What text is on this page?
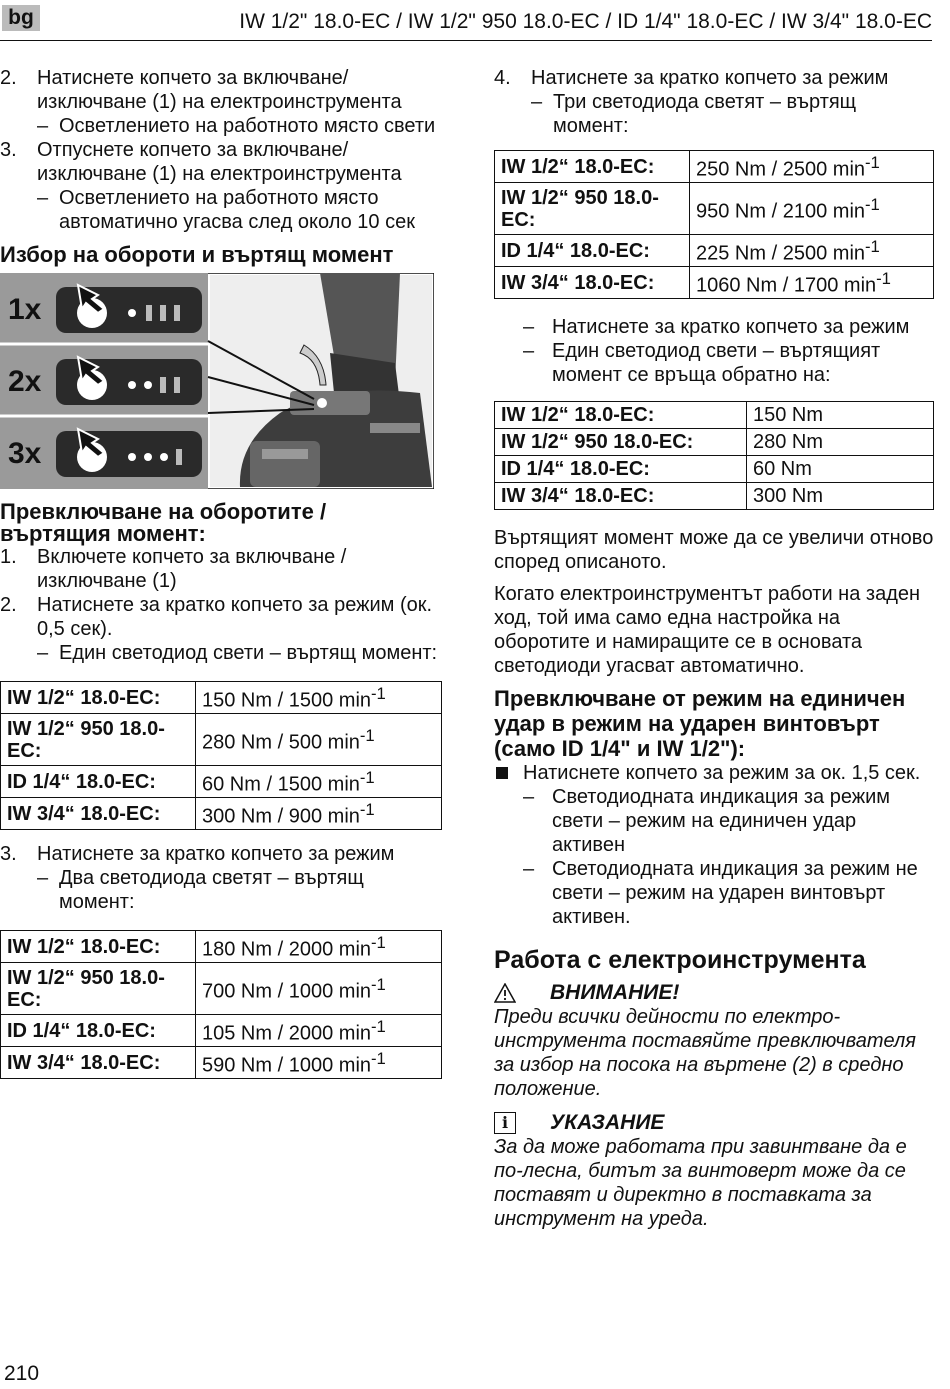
bg	IW 1/2" 18.0-EC / IW 1/2" 950 18.0-EC / ID 1/4" 18.0-EC / IW 3/4" 18.0-EC
2.	Натиснете копчето за включване/ изключване (1) на електроинструмента
– Осветлението на работното място свети
3.	Отпуснете копчето за включване/ изключване (1) на електроинструмента
– Осветлението на работното място автоматично угасва след около 10 сек
Избор на обороти и въртящ момент
1x
2x
3x
Превключване на оборотите / въртящия момент:
1.	Включете копчето за включване / изключване (1)
2.	Натиснете за кратко копчето за режим (ок. 0,5 сек).
– Един светодиод свети – въртящ момент:
IW 1/2“ 18.0-EC:	150 Nm / 1500 $\min^{-1}$
IW 1/2“ 950 18.0-EC:	280 Nm / 500 $\min^{-1}$
ID 1/4“ 18.0-EC:	60 Nm / 1500 $\min^{-1}$
IW 3/4“ 18.0-EC:	300 Nm / 900 $\min^{-1}$
3.	Натиснете за кратко копчето за режим
– Два светодиода светят – въртящ момент:
IW 1/2“ 18.0-EC:	180 Nm / 2000 $\min^{-1}$
IW 1/2“ 950 18.0-EC:	700 Nm / 1000 $\min^{-1}$
ID 1/4“ 18.0-EC:	105 Nm / 2000 $\min^{-1}$
IW 3/4“ 18.0-EC:	590 Nm / 1000 $\min^{-1}$
4.	Натиснете за кратко копчето за режим
– Три светодиода светят – въртящ момент:
IW 1/2“ 18.0-EC:	250 Nm / 2500 $\min^{-1}$
IW 1/2“ 950 18.0-EC:	950 Nm / 2100 $\min^{-1}$
ID 1/4“ 18.0-EC:	225 Nm / 2500 $\min^{-1}$
IW 3/4“ 18.0-EC:	1060 Nm / 1700 $\min^{-1}$
– Натиснете за кратко копчето за режим
– Един светодиод свети – въртящият момент се връща обратно на:
IW 1/2“ 18.0-EC:	150 Nm
IW 1/2“ 950 18.0-EC:	280 Nm
ID 1/4“ 18.0-EC:	60 Nm
IW 3/4“ 18.0-EC:	300 Nm

Въртящият момент може да се увеличи отново според описаното.

Когато електроинструментът работи на заден ход, той има само една настройка на оборотите и намиращите се в основата светодиоди угасват автоматично.

Превключване от режим на единичен удар в режим на ударен винтовърт (само ID 1/4" и IW 1/2"):
Натиснете копчето за режим за ок. 1,5 сек.
– Светодиодната индикация за режим свети – режим на единичен удар активен
– Светодиодната индикация за режим не свети – режим на ударен винтовърт активен.
Работа с електроинструмента
ВНИМАНИЕ!

Преди всички дейности по електроинструмента поставяйте превключвателя за избор на посока на въртене (2) в средно положение.

i	УКАЗАНИЕ

За да може работата при завинтване да е по-лесна, битът за винтоверт може да се поставят и директно в поставката за инструмент на уреда.

210
